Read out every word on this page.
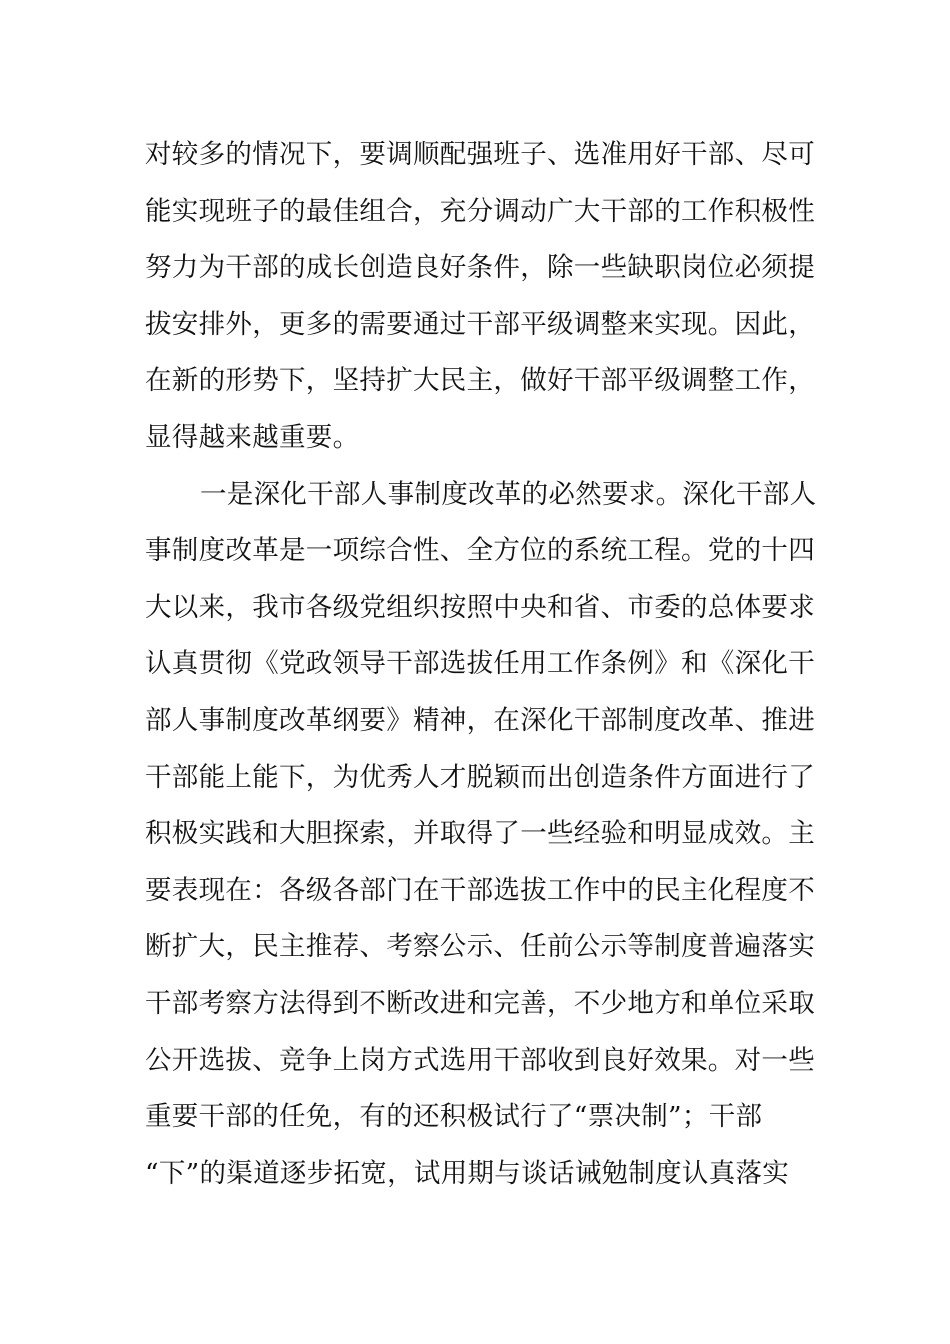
对较多的情况下，要调顺配强班子、选准用好干部、尽可
能实现班子的最佳组合，充分调动广大干部的工作积极性
努力为干部的成长创造良好条件，除一些缺职岗位必须提
拔安排外，更多的需要通过干部平级调整来实现。因此，
在新的形势下，坚持扩大民主，做好干部平级调整工作，
显得越来越重要。
一是深化干部人事制度改革的必然要求。深化干部人
事制度改革是一项综合性、全方位的系统工程。党的十四
大以来，我市各级党组织按照中央和省、市委的总体要求
认真贯彻《党政领导干部选拔任用工作条例》和《深化干
部人事制度改革纲要》精神，在深化干部制度改革、推进
干部能上能下，为优秀人才脱颖而出创造条件方面进行了
积极实践和大胆探索，并取得了一些经验和明显成效。主
要表现在：各级各部门在干部选拔工作中的民主化程度不
断扩大，民主推荐、考察公示、任前公示等制度普遍落实
干部考察方法得到不断改进和完善，不少地方和单位采取
公开选拔、竞争上岗方式选用干部收到良好效果。对一些
重要干部的任免，有的还积极试行了“票决制”；干部
“下”的渠道逐步拓宽，试用期与谈话诫勉制度认真落实
